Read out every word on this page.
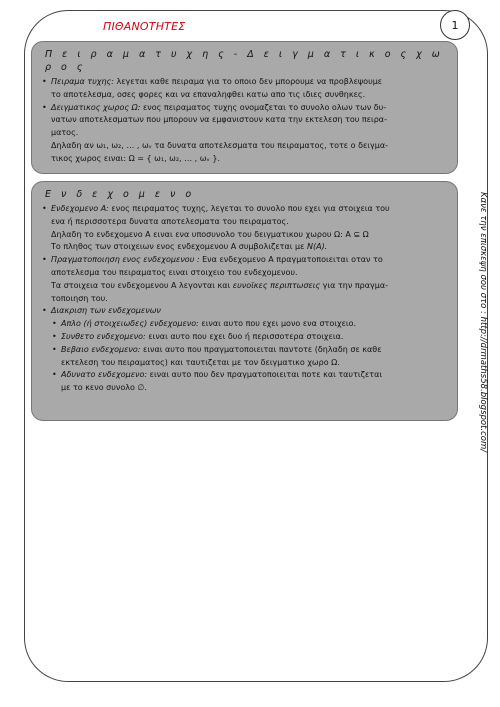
ΠΙΘΑΝΟΤΗΤΕΣ	1
Π ε ι ρ α μ α τ υ χ η ς - Δ ε ι γ μ α τ ι κ ο ς χ ω ρ ο ς
• Πειραμα τυχης: λεγεται καθε πειραμα για το οποιο δεν μπορουμε να προβλεψουμε
το αποτελεσμα, οσες φορες και να επαναληφθει κατω απο τις ιδιες συνθηκες.
• Δειγματικος χωρος Ω: ενος πειραματος τυχης ονομαζεται το συνολο ολων των δυ-
νατων αποτελεσματων που μπορουν να εμφανιστουν κατα την εκτελεση του πειρα-
ματος.
Δηλαδη αν ω₁, ω₂, … , ωᵥ τα δυνατα αποτελεσματα του πειραματος, τοτε ο δειγμα-
τικος χωρος ειναι: Ω = { ω₁, ω₂, … , ωᵥ }.
Ε ν δ ε χ ο μ ε ν ο
• Ενδεχομενο Α: ενος πειραματος τυχης, λεγεται το συνολο που εχει για στοιχεια του
ενα ή περισσοτερα δυνατα αποτελεσματα του πειραματος.
Δηλαδη το ενδεχομενο Α ειναι ενα υποσυνολο του δειγματικου χωρου Ω: Α ⊆ Ω
Το πληθος των στοιχειων ενος ενδεχομενου Α συμβολιζεται με Ν(Α).
• Πραγματοποιηση ενος ενδεχομενου : Ενα ενδεχομενο Α πραγματοποιειται οταν το
αποτελεσμα του πειραματος ειναι στοιχειο του ενδεχομενου.
Τα στοιχεια του ενδεχομενου Α λεγονται και ευνοϊκες περιπτωσεις για την πραγμα-
τοποιηση του.
• Διακριση των ενδεχομενων
• Απλο (ή στοιχειωδες) ενδεχομενο: ειναι αυτο που εχει μονο ενα στοιχειο.
• Συνθετο ενδεχομενο: ειναι αυτο που εχει δυο ή περισσοτερα στοιχεια.
• Βεβαιο ενδεχομενο: ειναι αυτο που πραγματοποιειται παντοτε (δηλαδη σε καθε
εκτελεση του πειραματος) και ταυτιζεται με τον δειγματικο χωρο Ω.
• Αδυνατο ενδεχομενο: ειναι αυτο που δεν πραγματοποιειται ποτε και ταυτιζεται
με το κενο συνολο ∅.	Κανε την επισκεψη σου στο : http://drmaths58.blogspot.com/
